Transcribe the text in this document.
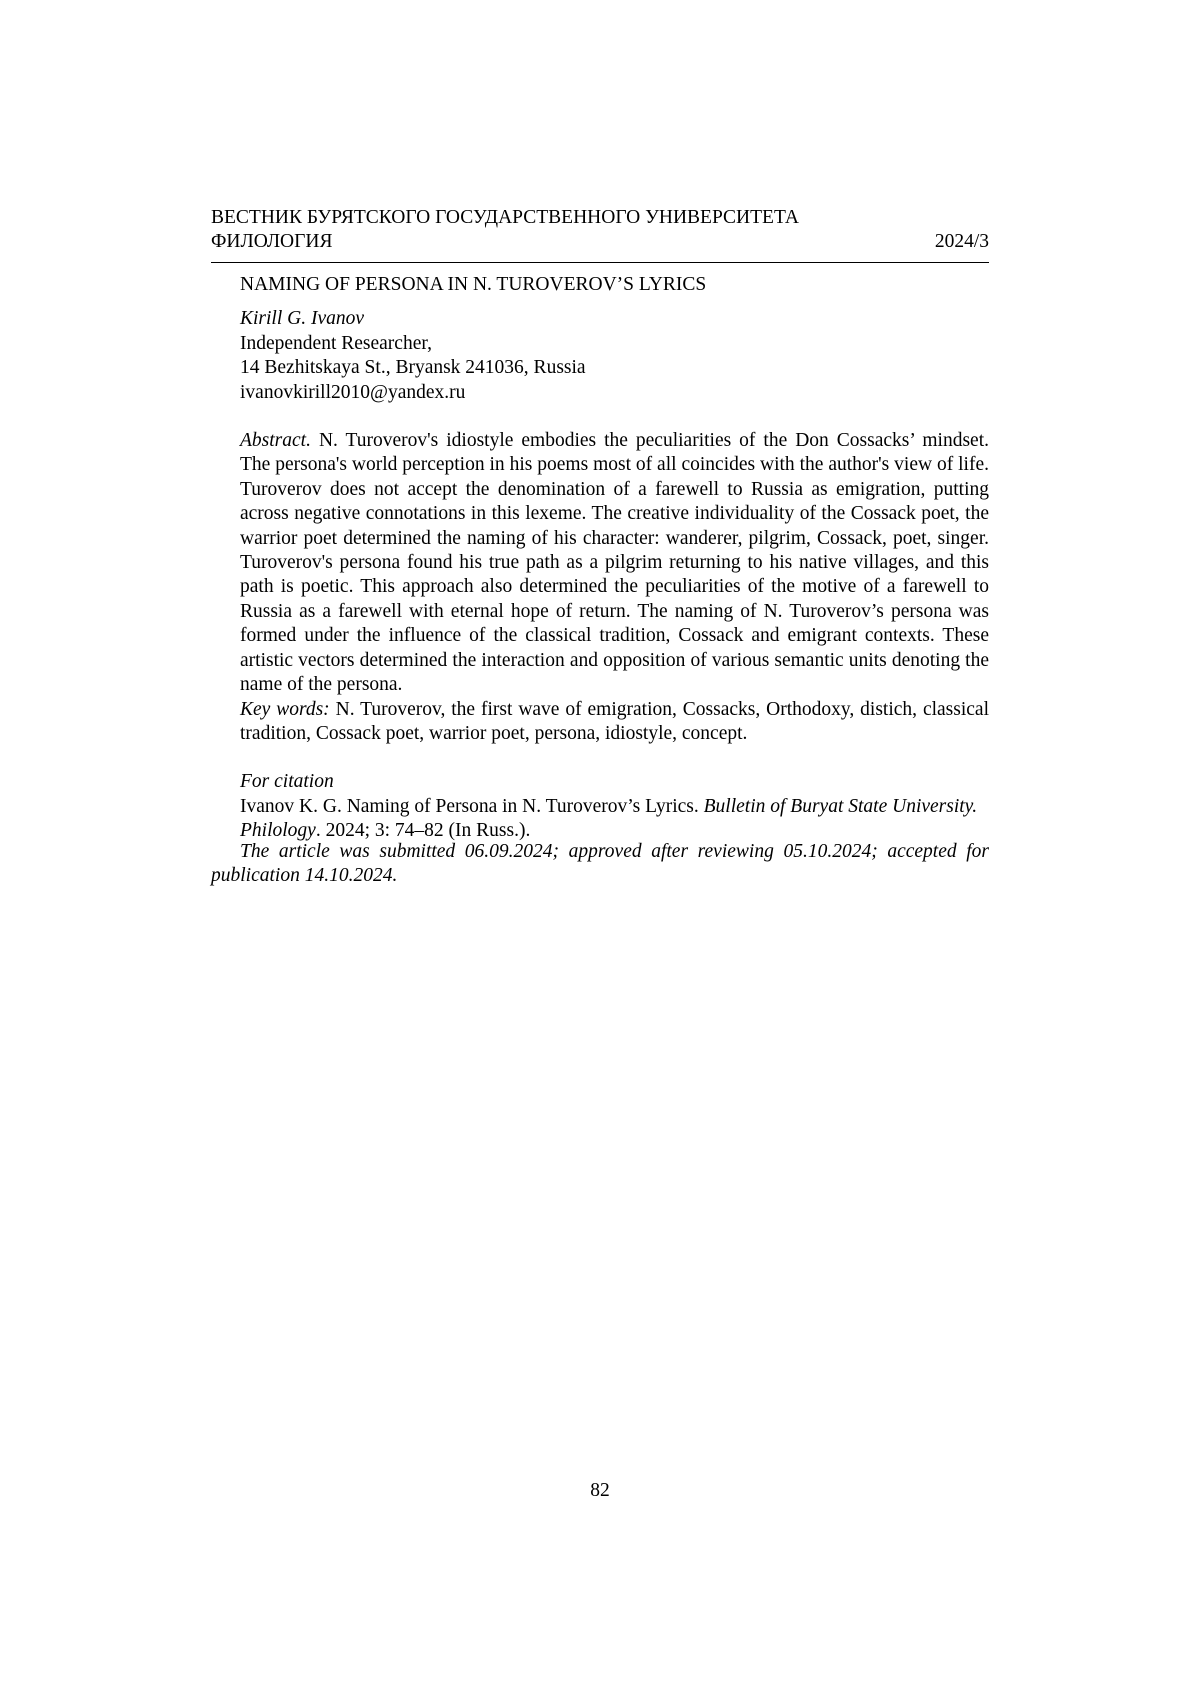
ВЕСТНИК БУРЯТСКОГО ГОСУДАРСТВЕННОГО УНИВЕРСИТЕТА
ФИЛОЛОГИЯ	2024/3
NAMING OF PERSONA IN N. TUROVEROV’S LYRICS
Kirill G. Ivanov
Independent Researcher,
14 Bezhitskaya St., Bryansk 241036, Russia
ivanovkirill2010@yandex.ru

Abstract. N. Turoverov's idiostyle embodies the peculiarities of the Don Cossacks’ mindset. The persona's world perception in his poems most of all coincides with the author's view of life. Turoverov does not accept the denomination of a farewell to Russia as emigration, putting across negative connotations in this lexeme. The creative individuality of the Cossack poet, the warrior poet determined the naming of his character: wanderer, pilgrim, Cossack, poet, singer. Turoverov's persona found his true path as a pilgrim returning to his native villages, and this path is poetic. This approach also determined the peculiarities of the motive of a farewell to Russia as a farewell with eternal hope of return. The naming of N. Turoverov’s persona was formed under the influence of the classical tradition, Cossack and emigrant contexts. These artistic vectors determined the interaction and opposition of various semantic units denoting the name of the persona.

Key words: N. Turoverov, the first wave of emigration, Cossacks, Orthodoxy, distich, classical tradition, Cossack poet, warrior poet, persona, idiostyle, concept.

For citation
Ivanov K. G. Naming of Persona in N. Turoverov’s Lyrics. Bulletin of Buryat State University. Philology. 2024; 3: 74–82 (In Russ.).
The article was submitted 06.09.2024; approved after reviewing 05.10.2024; accepted for publication 14.10.2024.
82
